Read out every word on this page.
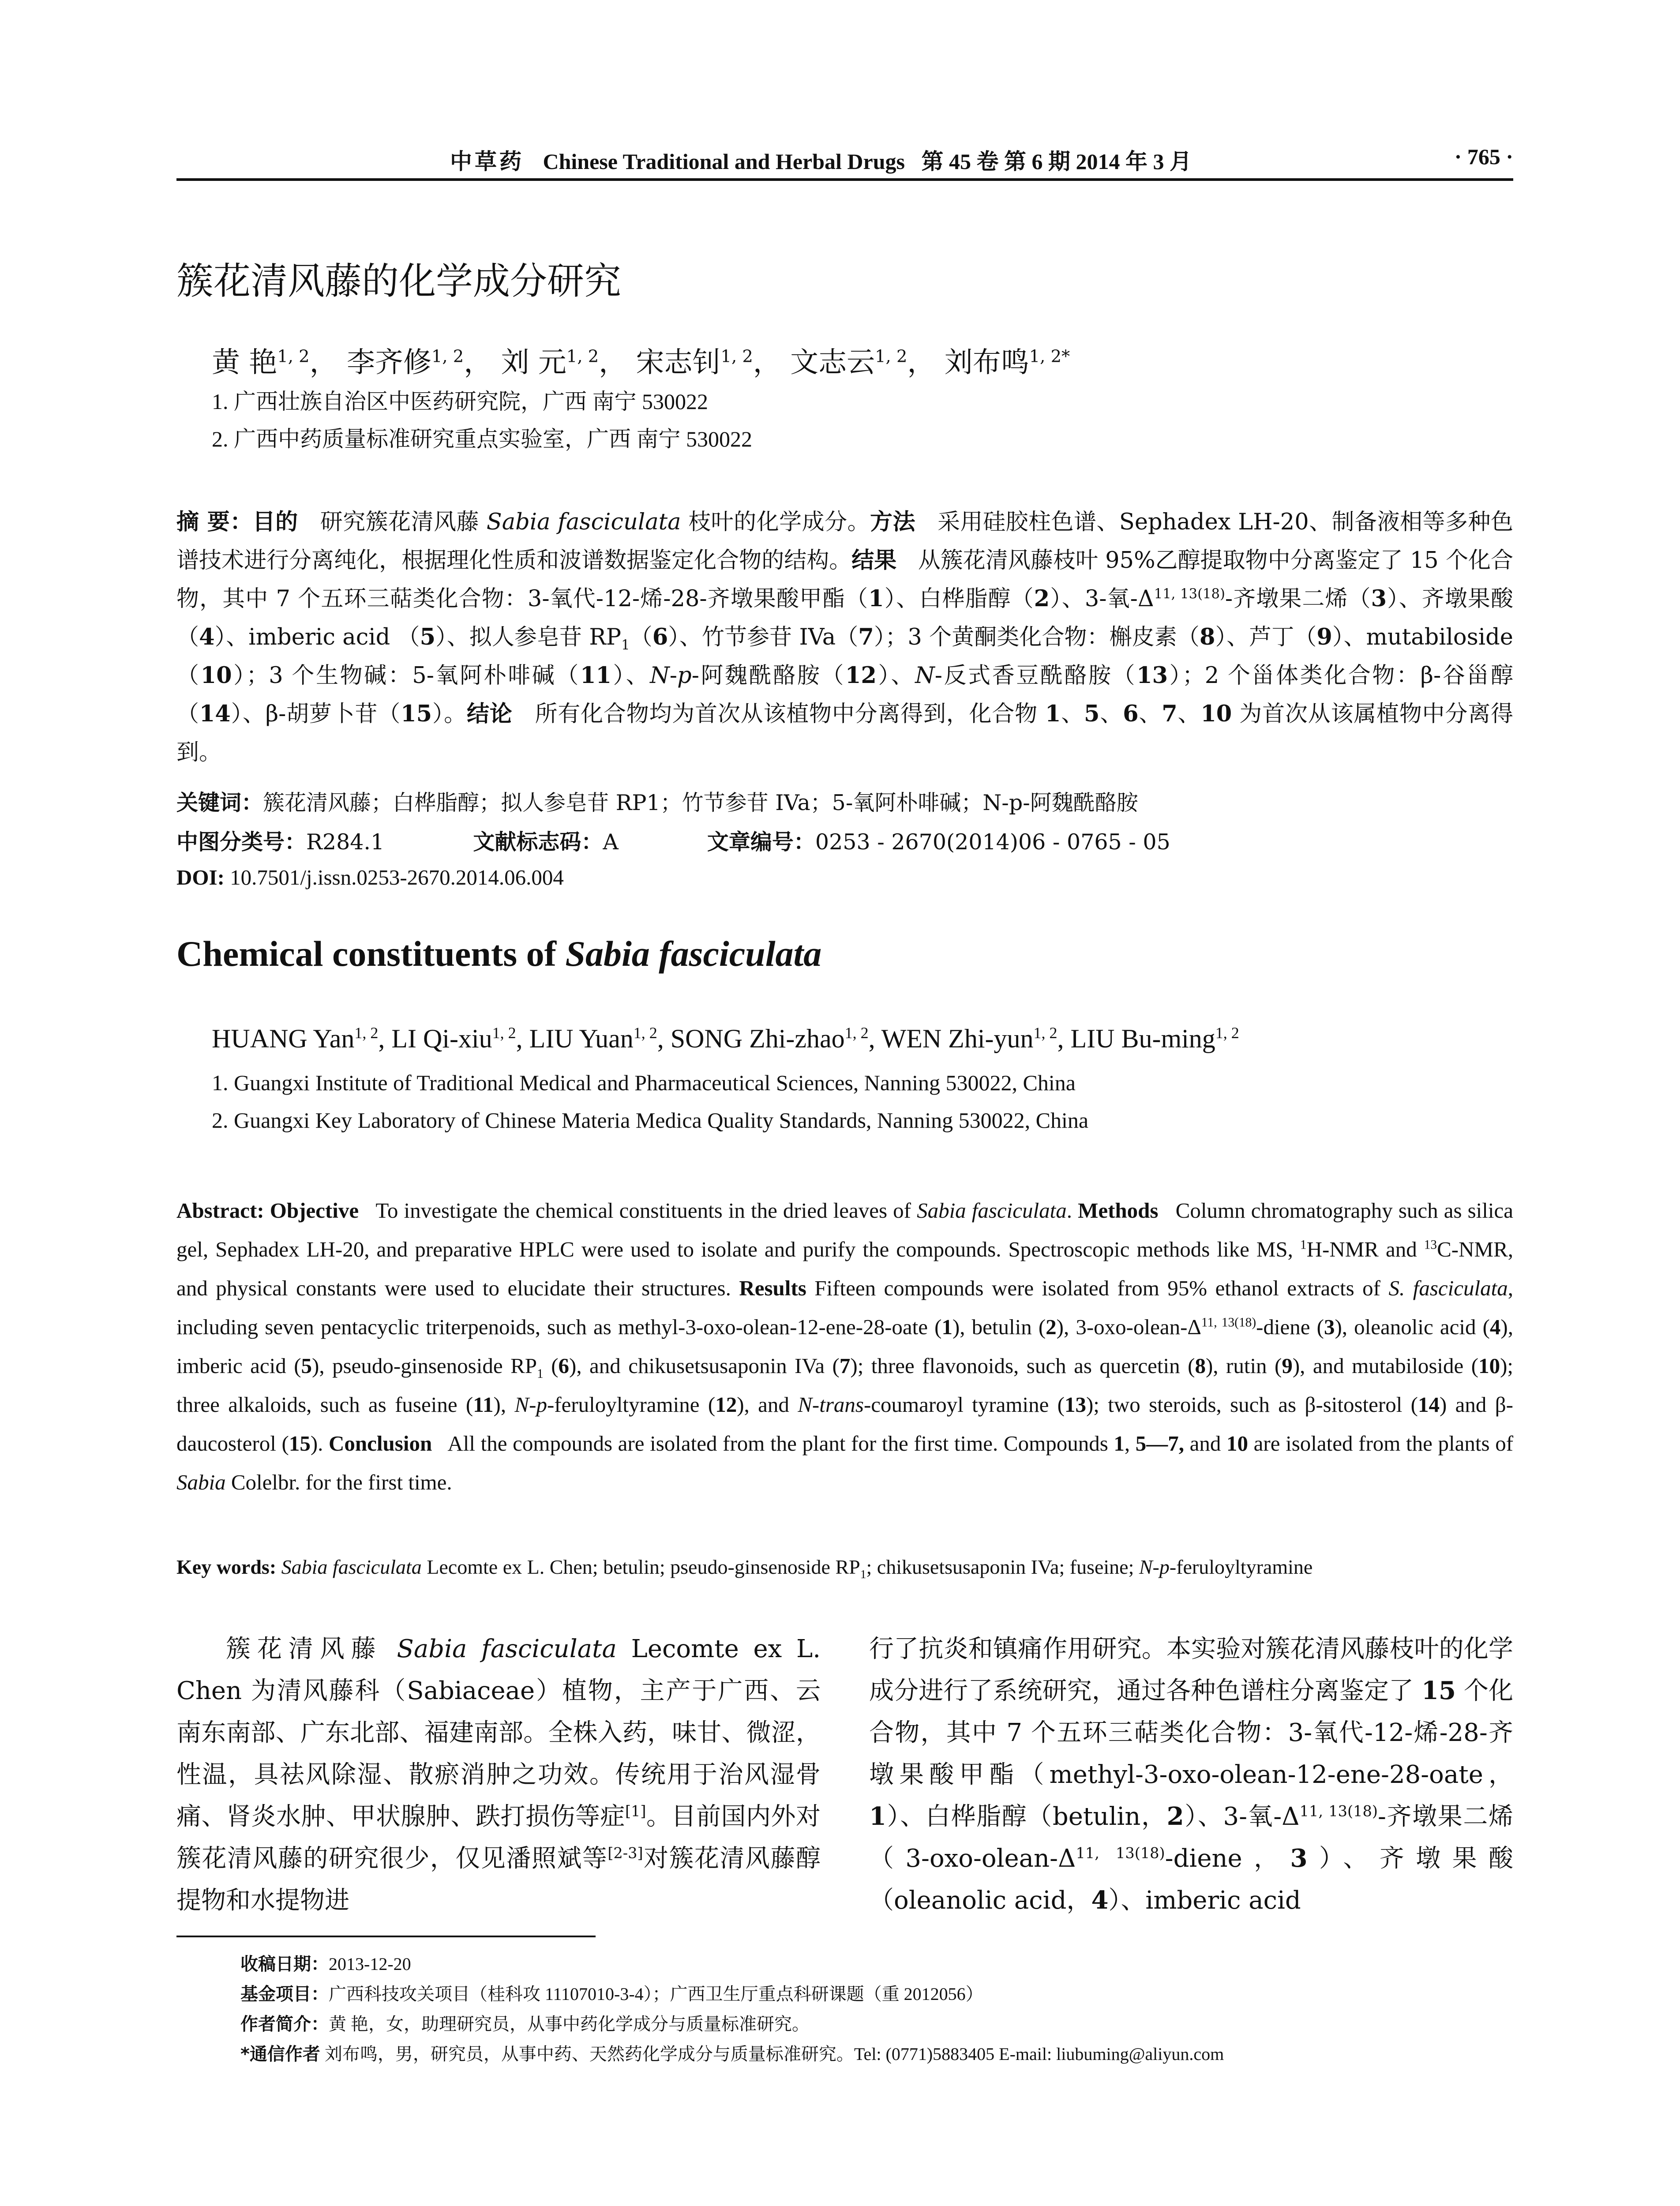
中草药 Chinese Traditional and Herbal Drugs 第 45 卷 第 6 期 2014 年 3 月	· 765 ·
簇花清风藤的化学成分研究
黄 艳$^{1, 2}$， 李齐修$^{1, 2}$， 刘 元$^{1, 2}$， 宋志钊$^{1, 2}$， 文志云$^{1, 2}$， 刘布鸣$^{1, 2*}$
1. 广西壮族自治区中医药研究院，广西 南宁 530022
2. 广西中药质量标准研究重点实验室，广西 南宁 530022
摘 要：目的   研究簇花清风藤 Sabia fasciculata 枝叶的化学成分。方法 采用硅胶柱色谱、Sephadex LH-20、制备液相等多种色谱技术进行分离纯化，根据理化性质和波谱数据鉴定化合物的结构。结果   从簇花清风藤枝叶 95%乙醇提取物中分离鉴定了 15 个化合物，其中 7 个五环三萜类化合物：3-氧代-12-烯-28-齐墩果酸甲酯（1）、白桦脂醇（2）、3-氧$-\Delta^{11, 13(18)}-$齐墩果二烯（3）、齐墩果酸（4）、imberic acid （5）、拟人参皂苷 $RP_1(6)$、竹节参苷 IVa（7）；3 个黄酮类化合物：槲皮素（8）、芦丁（9）、mutabiloside（10）；3 个生物碱：5-氧阿朴啡碱（11）、N-p-阿魏酰酪胺（12）、N-反式香豆酰酪胺（13）；2 个甾体类化合物：β-谷甾醇（14）、β-胡萝卜苷（15）。结论   所有化合物均为首次从该植物中分离得到，化合物 1、5、6、7、10 为首次从该属植物中分离得到。
关键词：簇花清风藤；白桦脂醇；拟人参皂苷 RP1；竹节参苷 IVa；5-氧阿朴啡碱；N-p-阿魏酰酪胺
中图分类号：R284.1	文献标志码：A	文章编号：0253 - 2670(2014)06 - 0765 - 05
DOI: 10.7501/j.issn.0253-2670.2014.06.004
Chemical constituents of Sabia fasciculata
HUANG Yan$^{1, 2}$, LI Qi-xiu$^{1, 2}$, LIU Yuan$^{1, 2}$, SONG Zhi-zhao$^{1, 2}$, WEN Zhi-yun$^{1, 2}$, LIU Bu-ming$^{1, 2}$
1. Guangxi Institute of Traditional Medical and Pharmaceutical Sciences, Nanning 530022, China
2. Guangxi Key Laboratory of Chinese Materia Medica Quality Standards, Nanning 530022, China
Abstract: Objective   To investigate the chemical constituents in the dried leaves of Sabia fasciculata. Methods   Column chromatography such as silica gel, Sephadex LH-20, and preparative HPLC were used to isolate and purify the compounds. Spectroscopic methods like MS, $^1$H-NMR and $^{13}$C-NMR, and physical constants were used to elucidate their structures. Results Fifteen compounds were isolated from 95% ethanol extracts of S. fasciculata, including seven pentacyclic triterpenoids, such as methyl-3-oxo-olean-12-ene-28-oate (1), betulin (2), $3-oxo-olean-\Delta^{11, 13(18)}$-diene (3), oleanolic acid (4), imberic acid (5), pseudo-ginsenoside $RP_1$ (6), and chikusetsusaponin IVa (7); three flavonoids, such as quercetin (8), rutin (9), and mutabiloside (10); three alkaloids, such as fuseine (11), N-p-feruloyltyramine (12), and N-trans-coumaroyl tyramine (13); two steroids, such as β-sitosterol (14) and β-daucosterol (15). Conclusion   All the compounds are isolated from the plant for the first time. Compounds 1, 5—7, and 10 are isolated from the plants of Sabia Colelbr. for the first time.
Key words: Sabia fasciculata Lecomte ex L. Chen; betulin; pseudo-ginsenoside $RP_1$; chikusetsusaponin IVa; fuseine; N-p-feruloyltyramine
簇花清风藤 Sabia fasciculata Lecomte ex L. Chen 为清风藤科（Sabiaceae）植物，主产于广西、云南东南部、广东北部、福建南部。全株入药，味甘、微涩，性温，具祛风除湿、散瘀消肿之功效。传统用于治风湿骨痛、肾炎水肿、甲状腺肿、跌打损伤等症[1]。目前国内外对簇花清风藤的研究很少，仅见潘照斌等[2-3]对簇花清风藤醇提物和水提物进
行了抗炎和镇痛作用研究。本实验对簇花清风藤枝叶的化学成分进行了系统研究，通过各种色谱柱分离鉴定了 15 个化合物，其中 7 个五环三萜类化合物：3-氧代-12-烯-28-齐墩果酸甲酯（methyl-3-oxo-olean-12-ene-28-oate，1）、白桦脂醇（betulin，2）、3-氧$-\Delta^{11, 13(18)}-$齐墩果二烯（$3-oxo-olean-\Delta^{11, 13(18)}$-diene，3）、齐墩果酸（oleanolic acid，4）、imberic acid
收稿日期：2013-12-20
基金项目：广西科技攻关项目（桂科攻 11107010-3-4）；广西卫生厅重点科研课题（重 2012056）
作者简介：黄 艳，女，助理研究员，从事中药化学成分与质量标准研究。
*通信作者 刘布鸣，男，研究员，从事中药、天然药化学成分与质量标准研究。Tel: (0771)5883405 E-mail: liubuming@aliyun.com
